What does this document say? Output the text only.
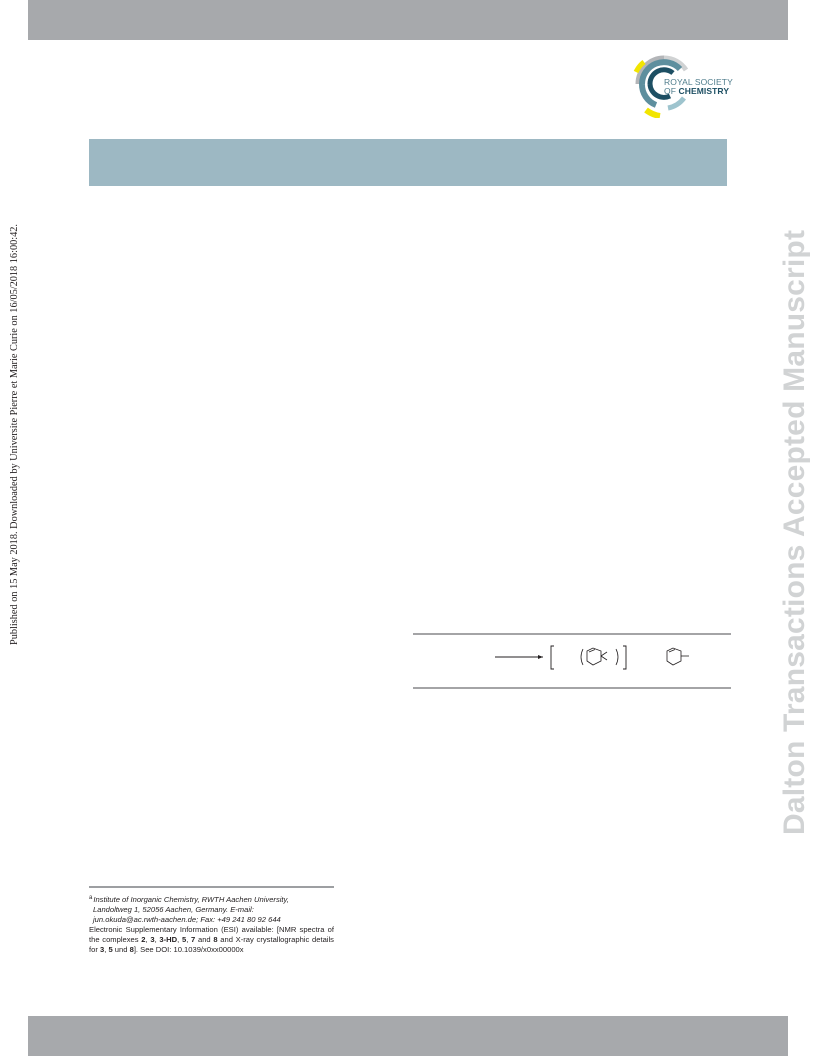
ROYAL SOCIETY
OF CHEMISTRY
Published on 15 May 2018. Downloaded by Universite Pierre et Marie Curie on 16/05/2018 16:00:42.	Dalton Transactions Accepted Manuscript
$^a$Institute of Inorganic Chemistry, RWTH Aachen University,
Landoltweg 1, 52056 Aachen, Germany. E-mail:
jun.okuda@ac.rwth-aachen.de; Fax: +49 241 80 92 644
Electronic Supplementary Information (ESI) available: [NMR spectra of the complexes 2, 3, 3-HD, 5, 7 and 8 and X-ray crystallographic details for 3, 5 und 8]. See DOI: 10.1039/x0xx00000x
